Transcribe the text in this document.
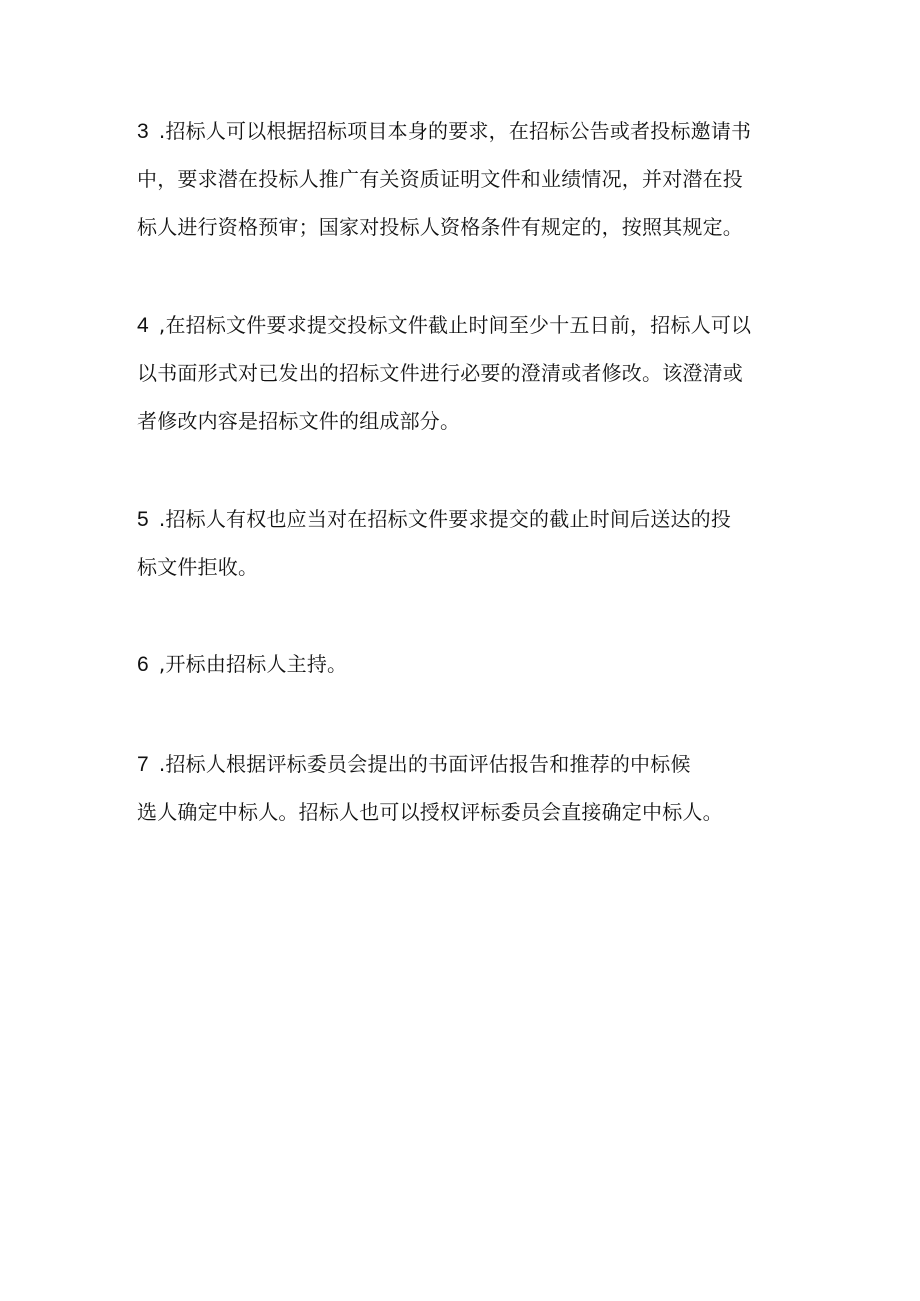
3 .招标人可以根据招标项目本身的要求，在招标公告或者投标邀请书
中，要求潜在投标人推广有关资质证明文件和业绩情况，并对潜在投
标人进行资格预审；国家对投标人资格条件有规定的，按照其规定。
4 ,在招标文件要求提交投标文件截止时间至少十五日前，招标人可以
以书面形式对已发出的招标文件进行必要的澄清或者修改。该澄清或
者修改内容是招标文件的组成部分。
5 .招标人有权也应当对在招标文件要求提交的截止时间后送达的投
标文件拒收。
6 ,开标由招标人主持。
7 .招标人根据评标委员会提出的书面评估报告和推荐的中标候
选人确定中标人。招标人也可以授权评标委员会直接确定中标人。
